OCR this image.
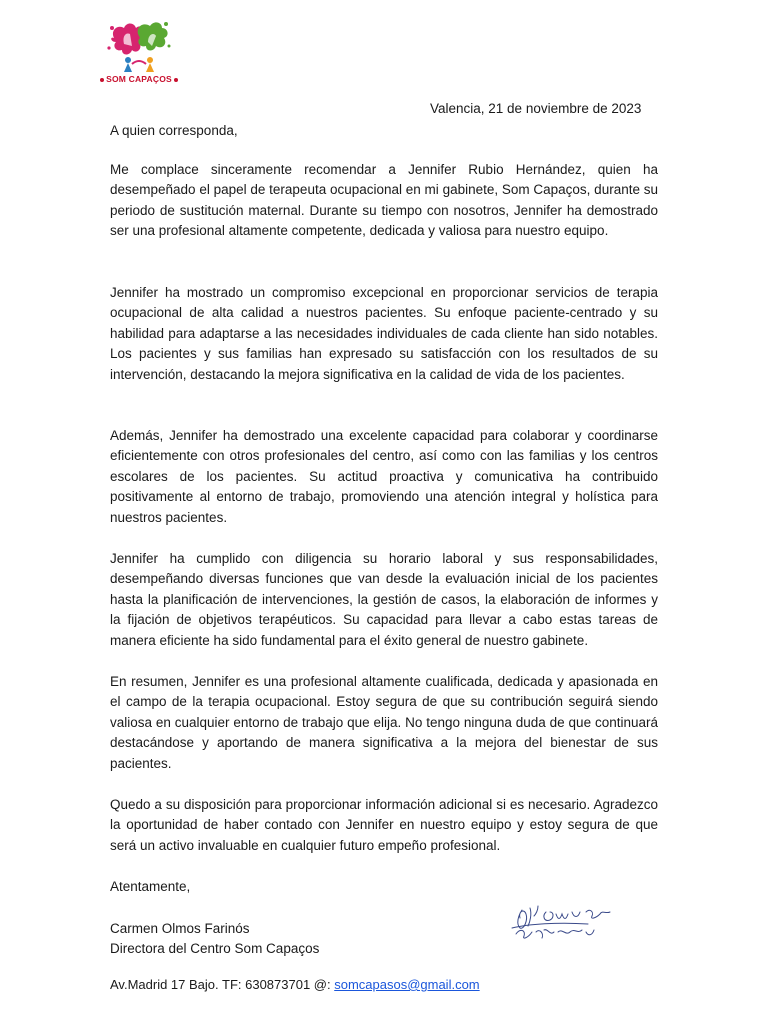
SOM CAPAÇOS
Valencia, 21 de noviembre de 2023
A quien corresponda,

Me complace sinceramente recomendar a Jennifer Rubio Hernández, quien ha desempeñado el papel de terapeuta ocupacional en mi gabinete, Som Capaços, durante su periodo de sustitución maternal. Durante su tiempo con nosotros, Jennifer ha demostrado ser una profesional altamente competente, dedicada y valiosa para nuestro equipo.

Jennifer ha mostrado un compromiso excepcional en proporcionar servicios de terapia ocupacional de alta calidad a nuestros pacientes. Su enfoque paciente-centrado y su habilidad para adaptarse a las necesidades individuales de cada cliente han sido notables. Los pacientes y sus familias han expresado su satisfacción con los resultados de su intervención, destacando la mejora significativa en la calidad de vida de los pacientes.

Además, Jennifer ha demostrado una excelente capacidad para colaborar y coordinarse eficientemente con otros profesionales del centro, así como con las familias y los centros escolares de los pacientes. Su actitud proactiva y comunicativa ha contribuido positivamente al entorno de trabajo, promoviendo una atención integral y holística para nuestros pacientes.

Jennifer ha cumplido con diligencia su horario laboral y sus responsabilidades, desempeñando diversas funciones que van desde la evaluación inicial de los pacientes hasta la planificación de intervenciones, la gestión de casos, la elaboración de informes y la fijación de objetivos terapéuticos. Su capacidad para llevar a cabo estas tareas de manera eficiente ha sido fundamental para el éxito general de nuestro gabinete.

En resumen, Jennifer es una profesional altamente cualificada, dedicada y apasionada en el campo de la terapia ocupacional. Estoy segura de que su contribución seguirá siendo valiosa en cualquier entorno de trabajo que elija. No tengo ninguna duda de que continuará destacándose y aportando de manera significativa a la mejora del bienestar de sus pacientes.

Quedo a su disposición para proporcionar información adicional si es necesario. Agradezco la oportunidad de haber contado con Jennifer en nuestro equipo y estoy segura de que será un activo invaluable en cualquier futuro empeño profesional.

Atentamente,
Carmen Olmos Farinós
Directora del Centro Som Capaços
Av.Madrid 17 Bajo. TF: 630873701 @: somcapasos@gmail.com
